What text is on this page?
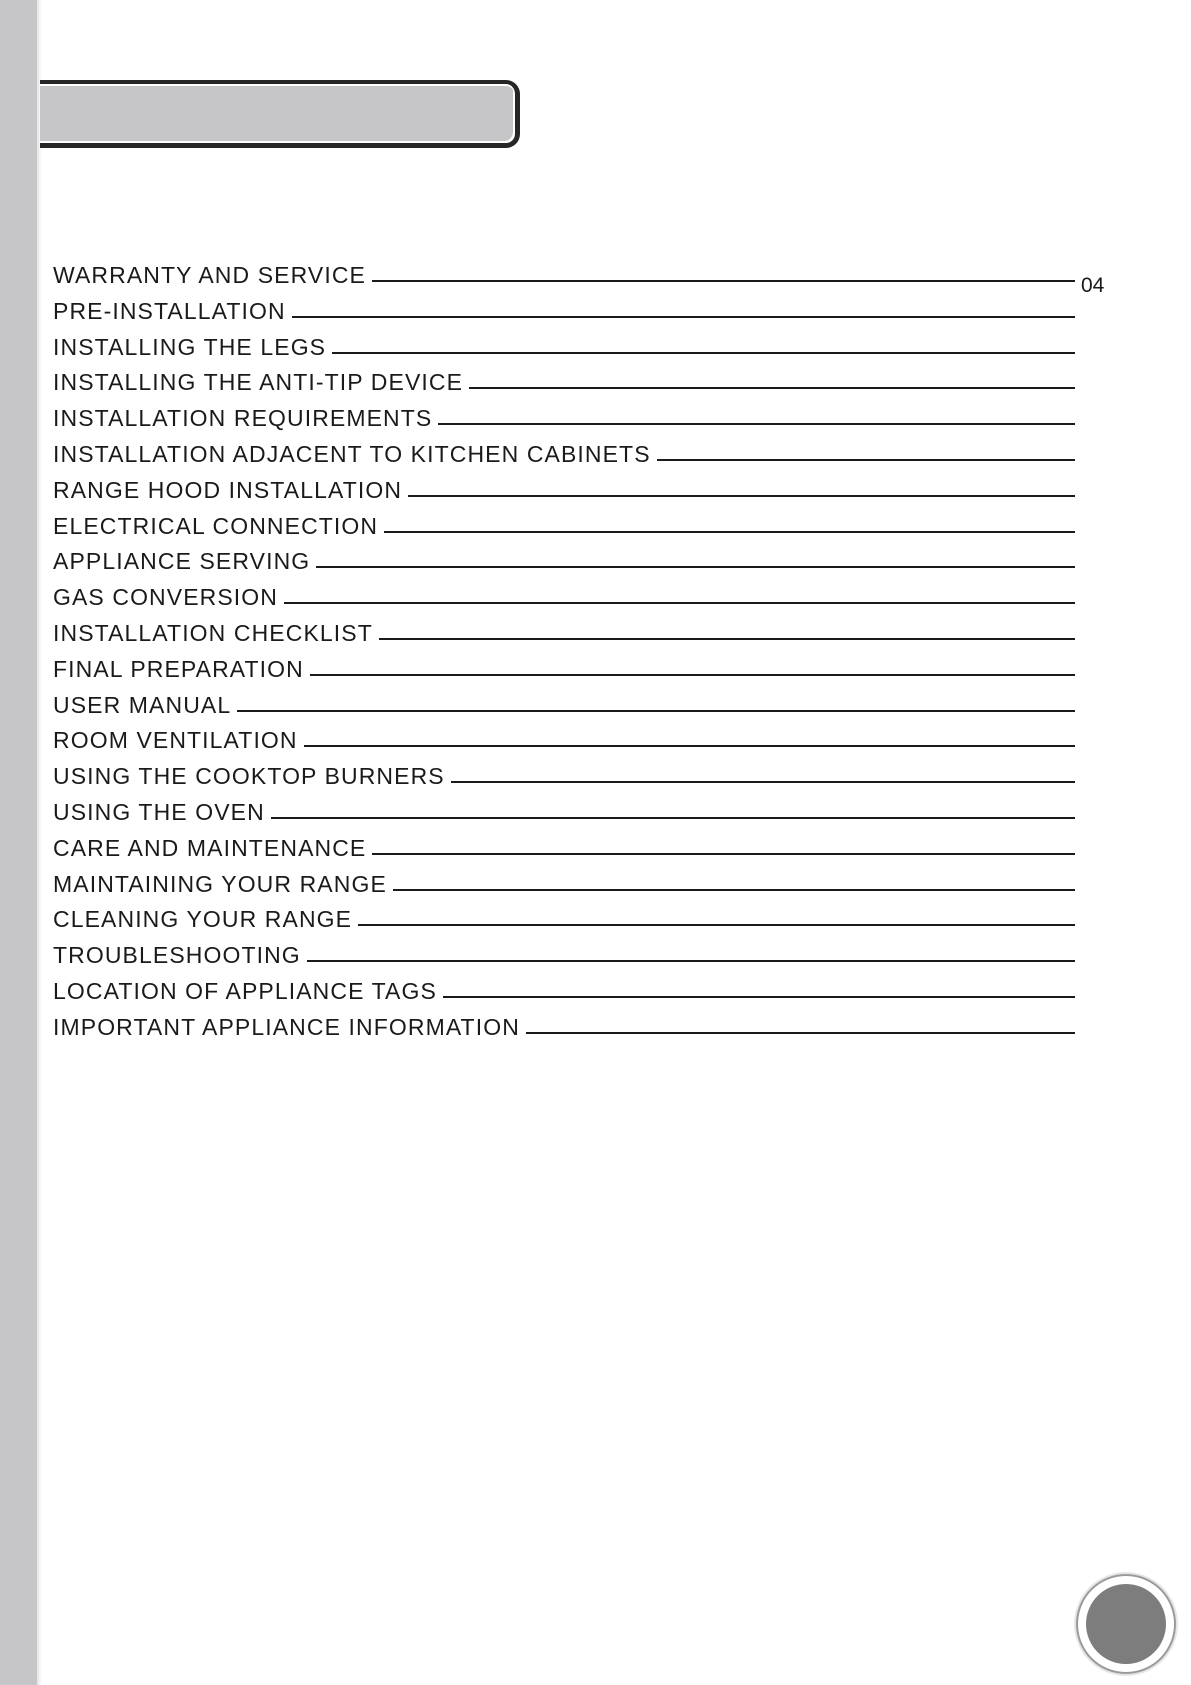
WARRANTY AND SERVICE	04
PRE-INSTALLATION
INSTALLING THE LEGS
INSTALLING THE ANTI-TIP DEVICE
INSTALLATION REQUIREMENTS
INSTALLATION ADJACENT TO KITCHEN CABINETS
RANGE HOOD INSTALLATION
ELECTRICAL CONNECTION
APPLIANCE SERVING
GAS CONVERSION
INSTALLATION CHECKLIST
FINAL PREPARATION
USER MANUAL
ROOM VENTILATION
USING THE COOKTOP BURNERS
USING THE OVEN
CARE AND MAINTENANCE
MAINTAINING YOUR RANGE
CLEANING YOUR RANGE
TROUBLESHOOTING
LOCATION OF APPLIANCE TAGS
IMPORTANT APPLIANCE INFORMATION
